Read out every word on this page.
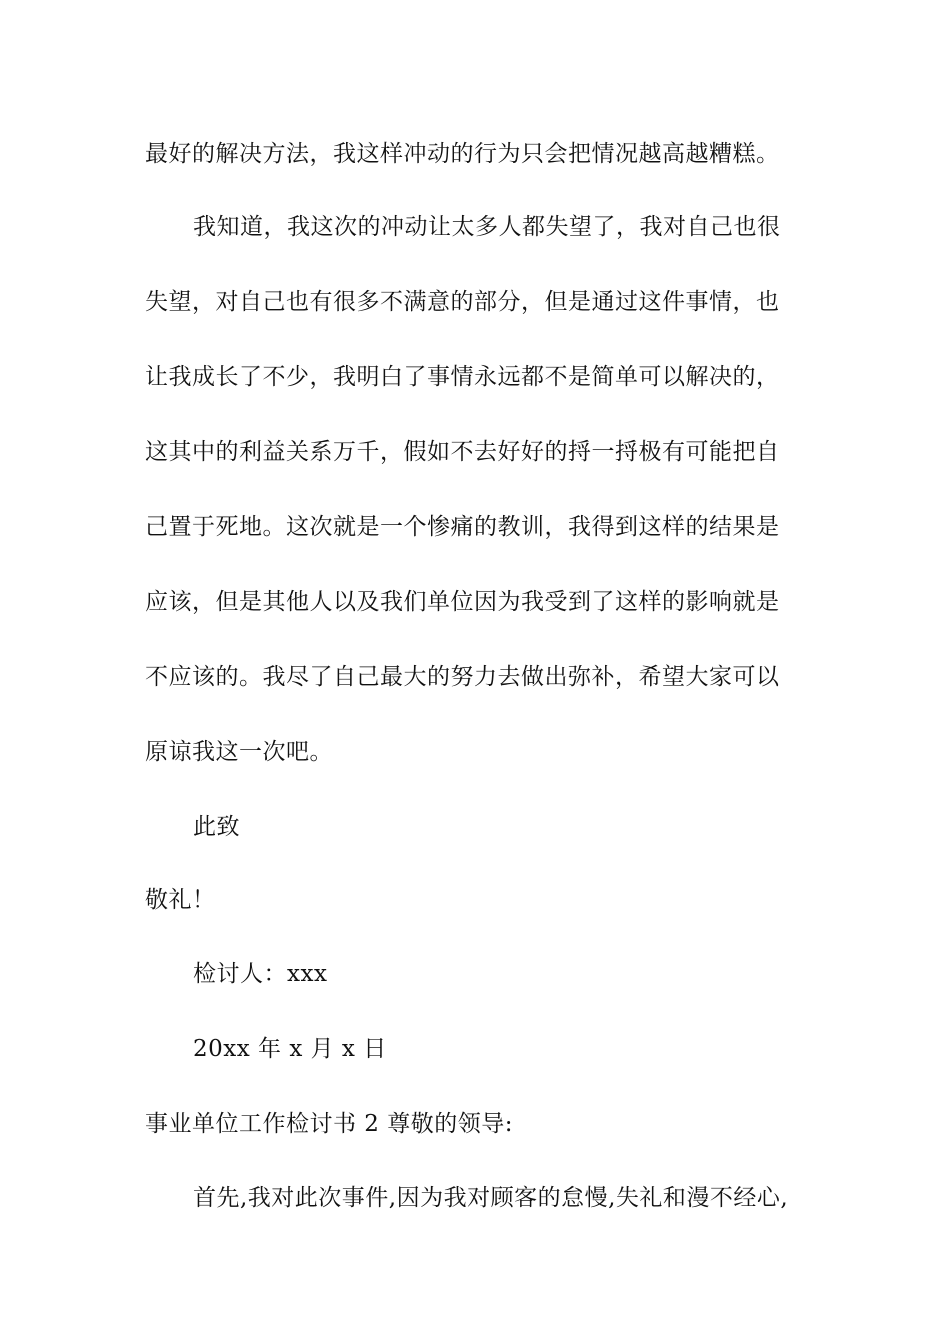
最好的解决方法，我这样冲动的行为只会把情况越高越糟糕。
我知道，我这次的冲动让太多人都失望了，我对自己也很
失望，对自己也有很多不满意的部分，但是通过这件事情，也
让我成长了不少，我明白了事情永远都不是简单可以解决的，
这其中的利益关系万千，假如不去好好的捋一捋极有可能把自
己置于死地。这次就是一个惨痛的教训，我得到这样的结果是
应该，但是其他人以及我们单位因为我受到了这样的影响就是
不应该的。我尽了自己最大的努力去做出弥补，希望大家可以
原谅我这一次吧。
此致
敬礼！
检讨人：xxx
20xx 年 x 月 x 日
事业单位工作检讨书 2 尊敬的领导:
首先,我对此次事件,因为我对顾客的怠慢,失礼和漫不经心,
